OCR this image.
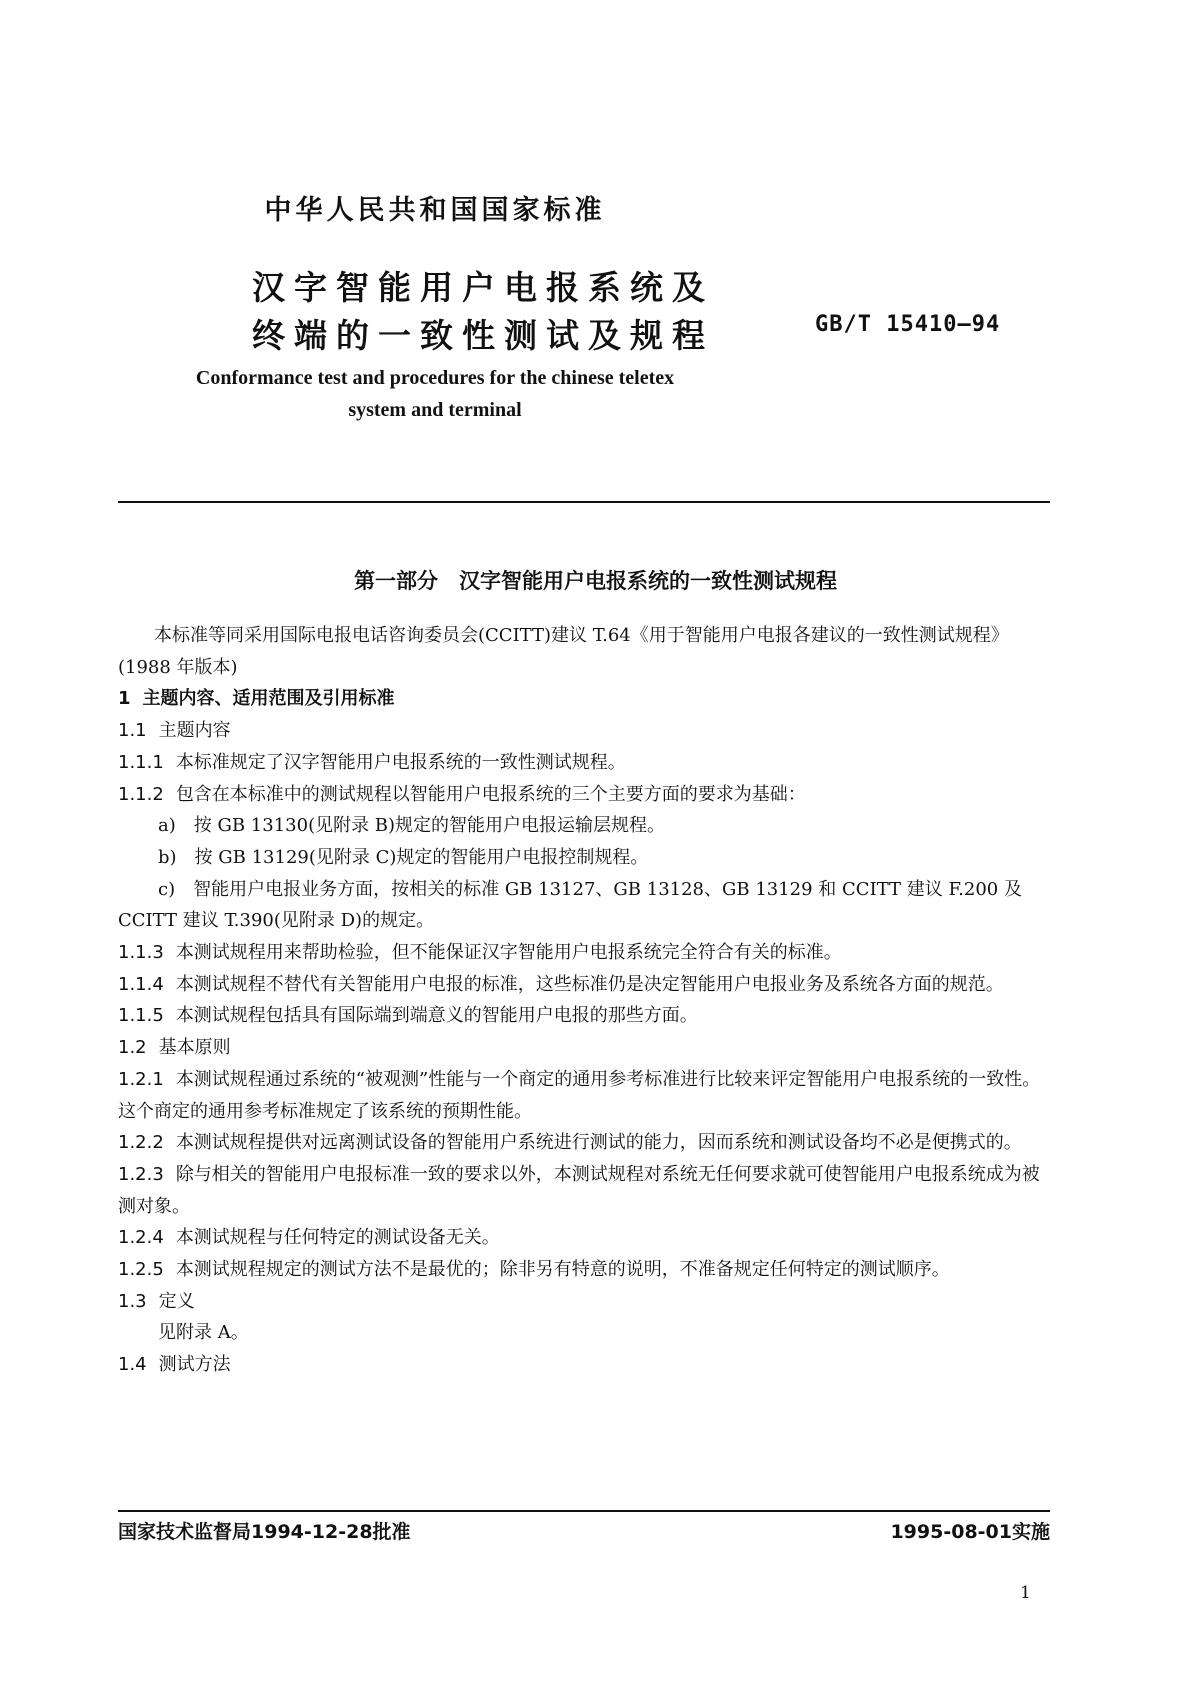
中华人民共和国国家标准
汉字智能用户电报系统及
终端的一致性测试及规程	GB/T 15410—94
Conformance test and procedures for the chinese teletex
system and terminal
第一部分　汉字智能用户电报系统的一致性测试规程

本标准等同采用国际电报电话咨询委员会(CCITT)建议 T.64《用于智能用户电报各建议的一致性测试规程》(1988 年版本)

1 主题内容、适用范围及引用标准

1.1 主题内容

1.1.1 本标准规定了汉字智能用户电报系统的一致性测试规程。

1.1.2 包含在本标准中的测试规程以智能用户电报系统的三个主要方面的要求为基础：

a)　按 GB 13130(见附录 B)规定的智能用户电报运输层规程。

b)　按 GB 13129(见附录 C)规定的智能用户电报控制规程。

c)　智能用户电报业务方面，按相关的标准 GB 13127、GB 13128、GB 13129 和 CCITT 建议 F.200 及 CCITT 建议 T.390(见附录 D)的规定。

1.1.3 本测试规程用来帮助检验，但不能保证汉字智能用户电报系统完全符合有关的标准。

1.1.4 本测试规程不替代有关智能用户电报的标准，这些标准仍是决定智能用户电报业务及系统各方面的规范。

1.1.5 本测试规程包括具有国际端到端意义的智能用户电报的那些方面。

1.2 基本原则

1.2.1 本测试规程通过系统的“被观测”性能与一个商定的通用参考标准进行比较来评定智能用户电报系统的一致性。这个商定的通用参考标准规定了该系统的预期性能。

1.2.2 本测试规程提供对远离测试设备的智能用户系统进行测试的能力，因而系统和测试设备均不必是便携式的。

1.2.3 除与相关的智能用户电报标准一致的要求以外，本测试规程对系统无任何要求就可使智能用户电报系统成为被测对象。

1.2.4 本测试规程与任何特定的测试设备无关。

1.2.5 本测试规程规定的测试方法不是最优的；除非另有特意的说明，不准备规定任何特定的测试顺序。

1.3 定义

见附录 A。

1.4 测试方法

国家技术监督局1994-12-28批准	1995-08-01实施
1
